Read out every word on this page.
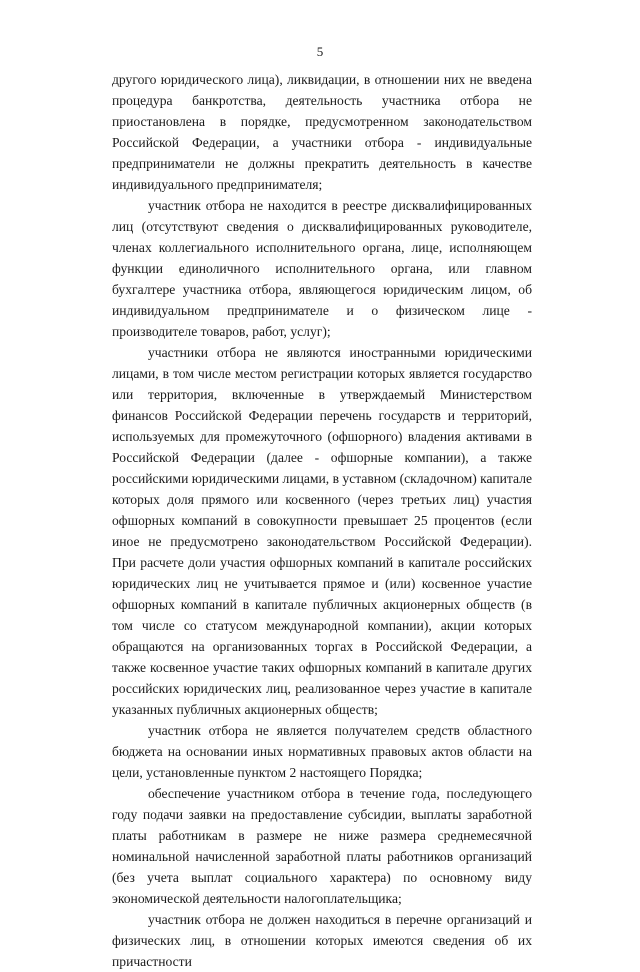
5

другого юридического лица), ликвидации, в отношении них не введена процедура банкротства, деятельность участника отбора не приостановлена в порядке, предусмотренном законодательством Российской Федерации, а участники отбора - индивидуальные предприниматели не должны прекратить деятельность в качестве индивидуального предпринимателя;

участник отбора не находится в реестре дисквалифицированных лиц (отсутствуют сведения о дисквалифицированных руководителе, членах коллегиального исполнительного органа, лице, исполняющем функции единоличного исполнительного органа, или главном бухгалтере участника отбора, являющегося юридическим лицом, об индивидуальном предпринимателе и о физическом лице - производителе товаров, работ, услуг);

участники отбора не являются иностранными юридическими лицами, в том числе местом регистрации которых является государство или территория, включенные в утверждаемый Министерством финансов Российской Федерации перечень государств и территорий, используемых для промежуточного (офшорного) владения активами в Российской Федерации (далее - офшорные компании), а также российскими юридическими лицами, в уставном (складочном) капитале которых доля прямого или косвенного (через третьих лиц) участия офшорных компаний в совокупности превышает 25 процентов (если иное не предусмотрено законодательством Российской Федерации). При расчете доли участия офшорных компаний в капитале российских юридических лиц не учитывается прямое и (или) косвенное участие офшорных компаний в капитале публичных акционерных обществ (в том числе со статусом международной компании), акции которых обращаются на организованных торгах в Российской Федерации, а также косвенное участие таких офшорных компаний в капитале других российских юридических лиц, реализованное через участие в капитале указанных публичных акционерных обществ;

участник отбора не является получателем средств областного бюджета на основании иных нормативных правовых актов области на цели, установленные пунктом 2 настоящего Порядка;

обеспечение участником отбора в течение года, последующего году подачи заявки на предоставление субсидии, выплаты заработной платы работникам в размере не ниже размера среднемесячной номинальной начисленной заработной платы работников организаций (без учета выплат социального характера) по основному виду экономической деятельности налогоплательщика;

участник отбора не должен находиться в перечне организаций и физических лиц, в отношении которых имеются сведения об их причастности
